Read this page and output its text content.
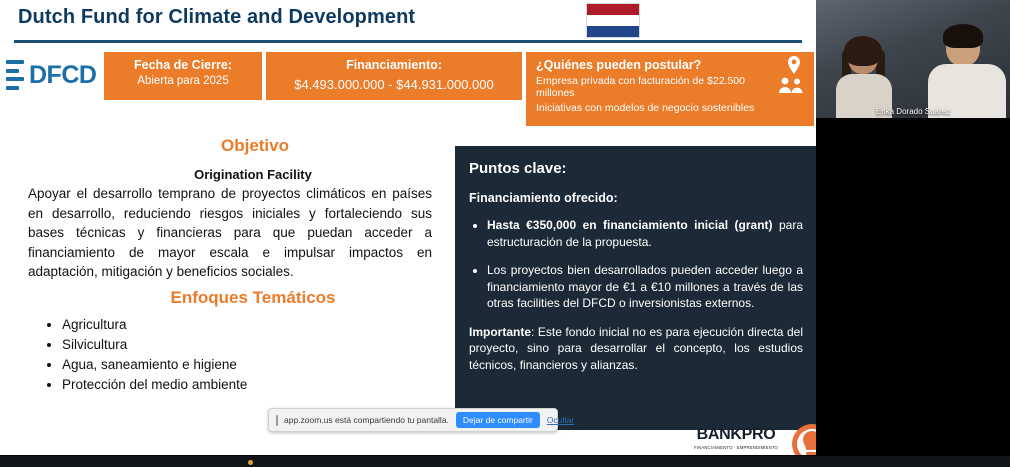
Dutch Fund for Climate and Development
DFCD	Fecha de Cierre:
Abierta para 2025
Financiamiento:
$4.493.000.000 - $44.931.000.000
¿Quiénes pueden postular?
Empresa privada con facturación de $22.500 millones
Iniciativas con modelos de negocio sostenibles
Objetivo
Origination Facility
Apoyar el desarrollo temprano de proyectos climáticos en países en desarrollo, reduciendo riesgos iniciales y fortaleciendo sus bases técnicas y financieras para que puedan acceder a financiamiento de mayor escala e impulsar impactos en adaptación, mitigación y beneficios sociales.
Enfoques Temáticos
• Agricultura
• Silvicultura
• Agua, saneamiento e higiene
• Protección del medio ambiente
Puntos clave:
Financiamiento ofrecido:
• Hasta €350,000 en financiamiento inicial (grant) para estructuración de la propuesta.
• Los proyectos bien desarrollados pueden acceder luego a financiamiento mayor de €1 a €10 millones a través de las otras facilities del DFCD o inversionistas externos.
Importante: Este fondo inicial no es para ejecución directa del proyecto, sino para desarrollar el concepto, los estudios técnicos, financieros y alianzas.
BANKPRO
FINANCIAMIENTO · EMPRENDIMIENTO
app.zoom.us está compartiendo tu pantalla.	Dejar de compartir	Ocultar
Erika Dorado Suárez
